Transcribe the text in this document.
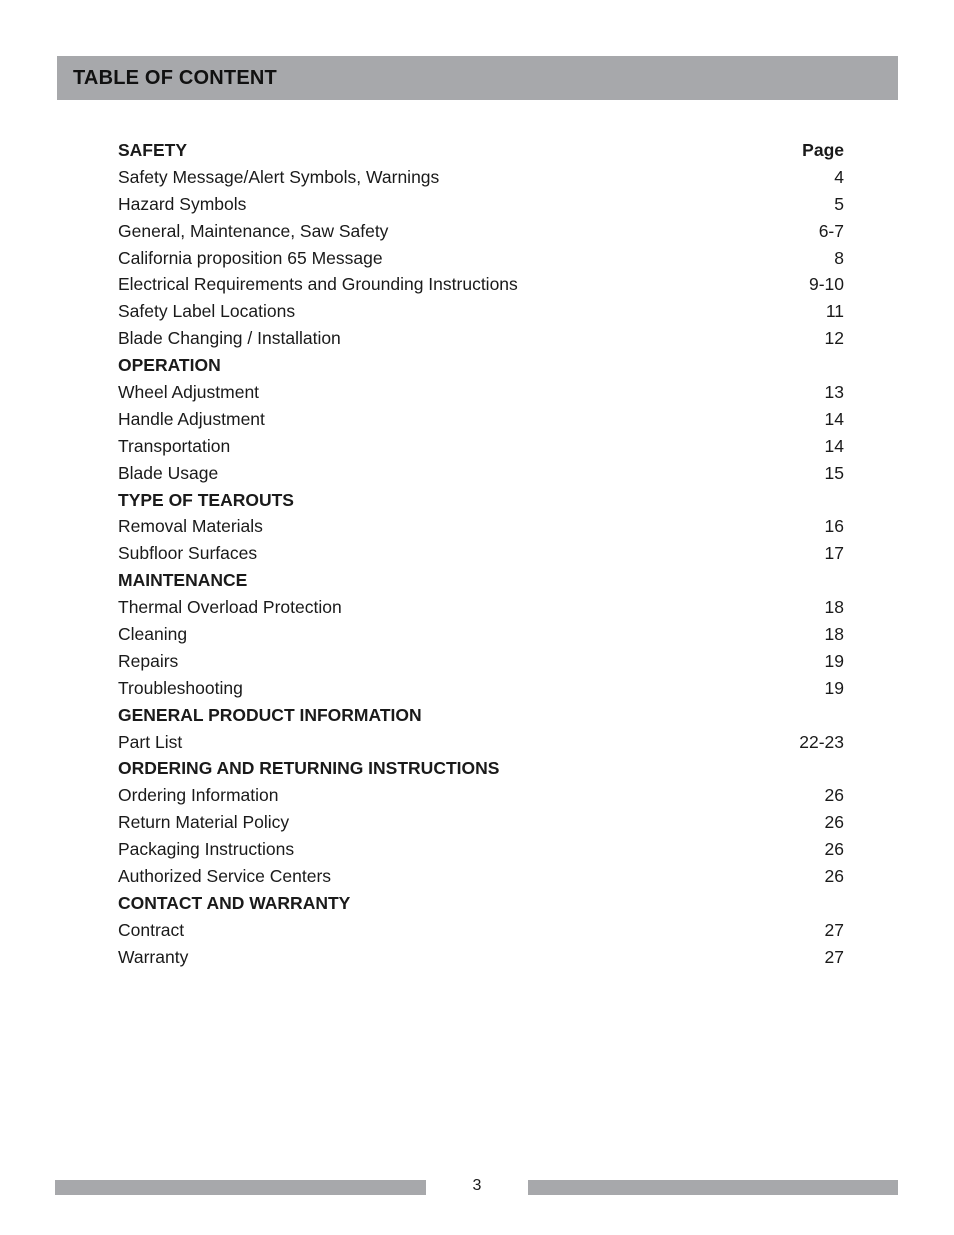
TABLE OF CONTENT
SAFETY	Page
Safety Message/Alert Symbols, Warnings	4
Hazard Symbols	5
General, Maintenance, Saw Safety	6-7
California proposition 65 Message	8
Electrical Requirements and Grounding Instructions	9-10
Safety Label Locations	11
Blade Changing / Installation	12
OPERATION
Wheel Adjustment	13
Handle Adjustment	14
Transportation	14
Blade Usage	15
TYPE OF TEAROUTS
Removal Materials	16
Subfloor Surfaces	17
MAINTENANCE
Thermal Overload Protection	18
Cleaning	18
Repairs	19
Troubleshooting	19
GENERAL PRODUCT INFORMATION
Part List	22-23
ORDERING AND RETURNING INSTRUCTIONS
Ordering Information	26
Return Material Policy	26
Packaging Instructions	26
Authorized Service Centers	26
CONTACT AND WARRANTY
Contract	27
Warranty	27
3
